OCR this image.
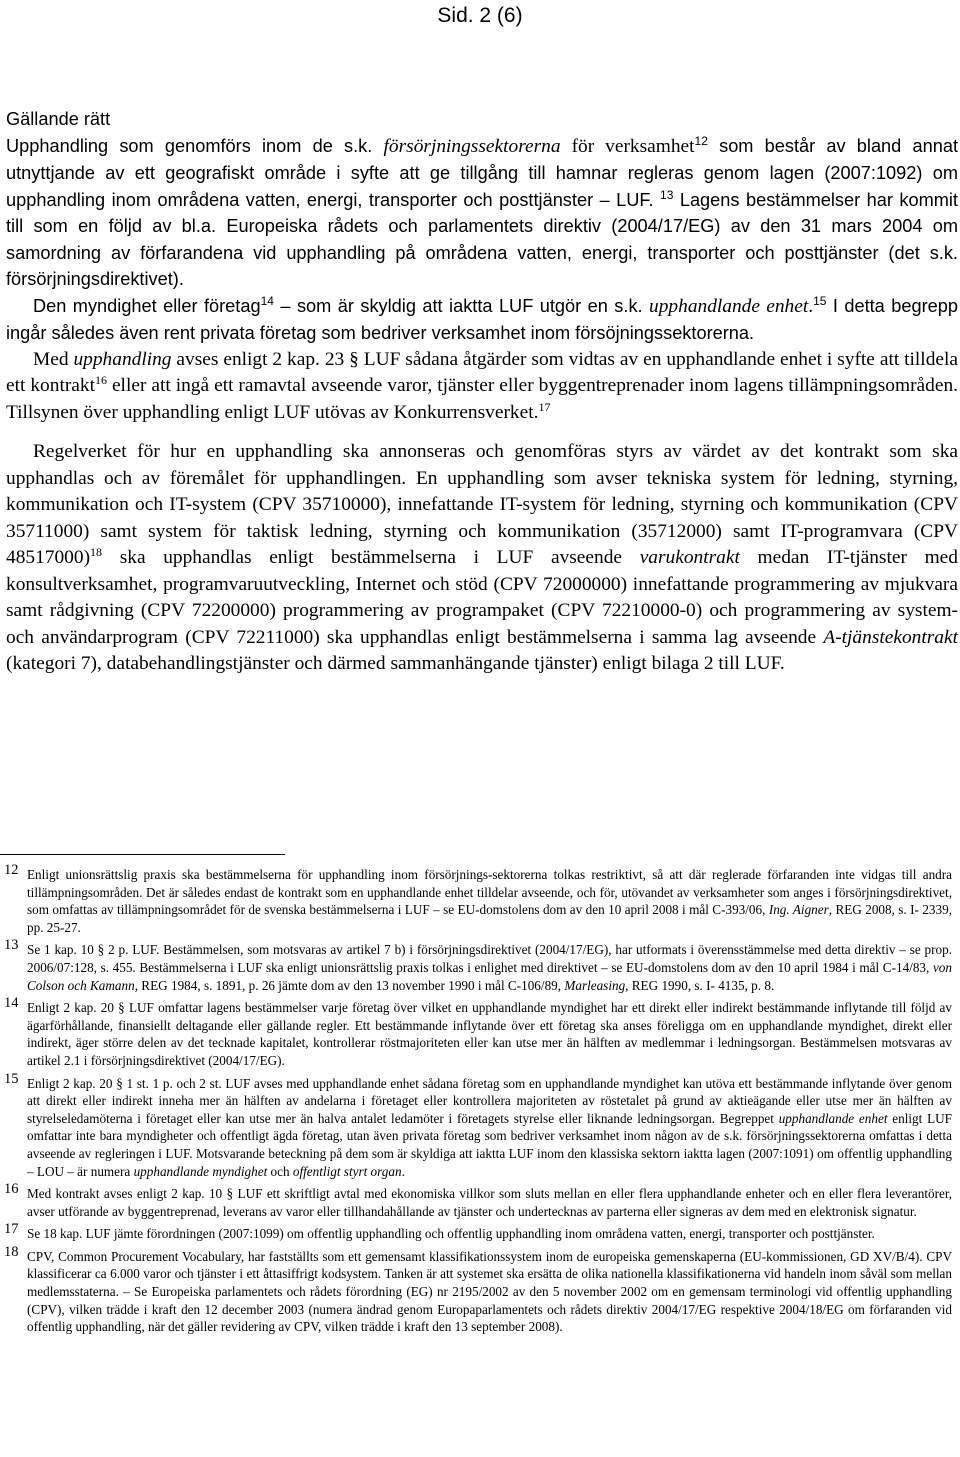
Sid. 2 (6)

Gällande rätt

Upphandling som genomförs inom de s.k. försörjningssektorerna för verksamhet$^{12}$ som består av bland annat utnyttjande av ett geografiskt område i syfte att ge tillgång till hamnar regleras genom lagen (2007:1092) om upphandling inom områdena vatten, energi, transporter och posttjänster – LUF. $^{13}$ Lagens bestämmelser har kommit till som en följd av bl.a. Europeiska rådets och parlamentets direktiv (2004/17/EG) av den 31 mars 2004 om samordning av förfarandena vid upphandling på områdena vatten, energi, transporter och posttjänster (det s.k. försörjningsdirektivet).

Den myndighet eller företag$^{14}$ – som är skyldig att iaktta LUF utgör en s.k. upphandlande enhet.$^{15}$ I detta begrepp ingår således även rent privata företag som bedriver verksamhet inom försöjningssektorerna.

Med upphandling avses enligt 2 kap. 23 § LUF sådana åtgärder som vidtas av en upphandlande enhet i syfte att tilldela ett kontrakt$^{16}$ eller att ingå ett ramavtal avseende varor, tjänster eller byggentreprenader inom lagens tillämpningsområden. Tillsynen över upphandling enligt LUF utövas av Konkurrensverket.$^{17}$

Regelverket för hur en upphandling ska annonseras och genomföras styrs av värdet av det kontrakt som ska upphandlas och av föremålet för upphandlingen. En upphandling som avser tekniska system för ledning, styrning, kommunikation och IT-system (CPV 35710000), innefattande IT-system för ledning, styrning och kommunikation (CPV 35711000) samt system för taktisk ledning, styrning och kommunikation (35712000) samt IT-programvara (CPV 48517000)$^{18}$ ska upphandlas enligt bestämmelserna i LUF avseende varukontrakt medan IT-tjänster med konsultverksamhet, programvaruutveckling, Internet och stöd (CPV 72000000) innefattande programmering av mjukvara samt rådgivning (CPV 72200000) programmering av programpaket (CPV 72210000-0) och programmering av system- och användarprogram (CPV 72211000) ska upphandlas enligt bestämmelserna i samma lag avseende A-tjänstekontrakt (kategori 7), databehandlingstjänster och därmed sammanhängande tjänster) enligt bilaga 2 till LUF.

12 Enligt unionsrättslig praxis ska bestämmelserna för upphandling inom försörjnings-sektorerna tolkas restriktivt, så att där reglerade förfaranden inte vidgas till andra tillämpningsområden. Det är således endast de kontrakt som en upphandlande enhet tilldelar avseende, och för, utövandet av verksamheter som anges i försörjningsdirektivet, som omfattas av tillämpningsområdet för de svenska bestämmelserna i LUF – se EU-domstolens dom av den 10 april 2008 i mål C-393/06, Ing. Aigner, REG 2008, s. I- 2339, pp. 25-27.
13 Se 1 kap. 10 § 2 p. LUF. Bestämmelsen, som motsvaras av artikel 7 b) i försörjningsdirektivet (2004/17/EG), har utformats i överensstämmelse med detta direktiv – se prop. 2006/07:128, s. 455. Bestämmelserna i LUF ska enligt unionsrättslig praxis tolkas i enlighet med direktivet – se EU-domstolens dom av den 10 april 1984 i mål C-14/83, von Colson och Kamann, REG 1984, s. 1891, p. 26 jämte dom av den 13 november 1990 i mål C-106/89, Marleasing, REG 1990, s. I- 4135, p. 8.
14 Enligt 2 kap. 20 § LUF omfattar lagens bestämmelser varje företag över vilket en upphandlande myndighet har ett direkt eller indirekt bestämmande inflytande till följd av ägarförhållande, finansiellt deltagande eller gällande regler. Ett bestämmande inflytande över ett företag ska anses föreligga om en upphandlande myndighet, direkt eller indirekt, äger större delen av det tecknade kapitalet, kontrollerar röstmajoriteten eller kan utse mer än hälften av medlemmar i ledningsorgan. Bestämmelsen motsvaras av artikel 2.1 i försörjningsdirektivet (2004/17/EG).
15 Enligt 2 kap. 20 § 1 st. 1 p. och 2 st. LUF avses med upphandlande enhet sådana företag som en upphandlande myndighet kan utöva ett bestämmande inflytande över genom att direkt eller indirekt inneha mer än hälften av andelarna i företaget eller kontrollera majoriteten av röstetalet på grund av aktieägande eller utse mer än hälften av styrelseledamöterna i företaget eller kan utse mer än halva antalet ledamöter i företagets styrelse eller liknande ledningsorgan. Begreppet upphandlande enhet enligt LUF omfattar inte bara myndigheter och offentligt ägda företag, utan även privata företag som bedriver verksamhet inom någon av de s.k. försörjningssektorerna omfattas i detta avseende av regleringen i LUF. Motsvarande beteckning på dem som är skyldiga att iaktta LUF inom den klassiska sektorn iaktta lagen (2007:1091) om offentlig upphandling – LOU – är numera upphandlande myndighet och offentligt styrt organ.
16 Med kontrakt avses enligt 2 kap. 10 § LUF ett skriftligt avtal med ekonomiska villkor som sluts mellan en eller flera upphandlande enheter och en eller flera leverantörer, avser utförande av byggentreprenad, leverans av varor eller tillhandahållande av tjänster och undertecknas av parterna eller signeras av dem med en elektronisk signatur.
17 Se 18 kap. LUF jämte förordningen (2007:1099) om offentlig upphandling och offentlig upphandling inom områdena vatten, energi, transporter och posttjänster.
18 CPV, Common Procurement Vocabulary, har fastställts som ett gemensamt klassifikationssystem inom de europeiska gemenskaperna (EU-kommissionen, GD XV/B/4). CPV klassificerar ca 6.000 varor och tjänster i ett åttasiffrigt kodsystem. Tanken är att systemet ska ersätta de olika nationella klassifikationerna vid handeln inom såväl som mellan medlemsstaterna. – Se Europeiska parlamentets och rådets förordning (EG) nr 2195/2002 av den 5 november 2002 om en gemensam terminologi vid offentlig upphandling (CPV), vilken trädde i kraft den 12 december 2003 (numera ändrad genom Europaparlamentets och rådets direktiv 2004/17/EG respektive 2004/18/EG om förfaranden vid offentlig upphandling, när det gäller revidering av CPV, vilken trädde i kraft den 13 september 2008).
